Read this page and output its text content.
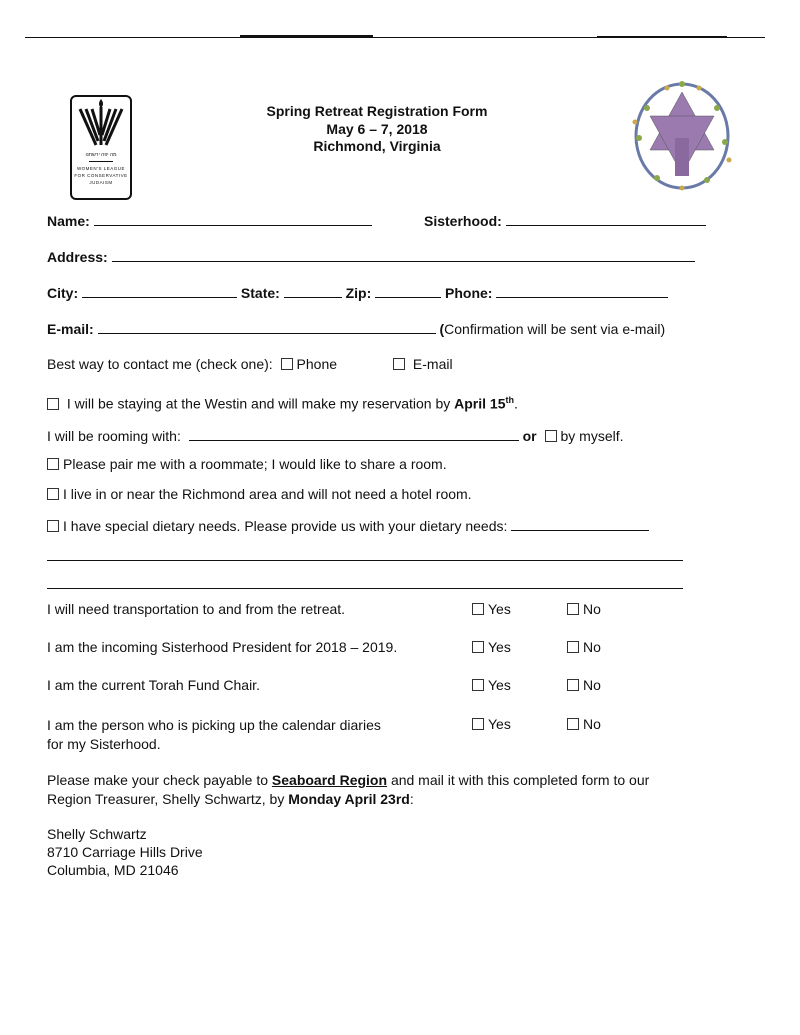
מה יפה ירשתנו
WOMEN'S LEAGUE FOR CONSERVATIVE JUDAISM
Spring Retreat Registration Form
May 6 – 7, 2018
Richmond, Virginia
Name:	Sisterhood:
Address:
City:	State:	Zip:	Phone:
E-mail:	(Confirmation will be sent via e-mail)
Best way to contact me (check one): Phone	E-mail
I will be staying at the Westin and will make my reservation by April 15th.
I will be rooming with:	or by myself.
Please pair me with a roommate; I would like to share a room.
I live in or near the Richmond area and will not need a hotel room.
I have special dietary needs. Please provide us with your dietary needs:
I will need transportation to and from the retreat.	Yes	No
I am the incoming Sisterhood President for 2018 – 2019.	Yes	No
I am the current Torah Fund Chair.	Yes	No
I am the person who is picking up the calendar diaries
for my Sisterhood.
Yes	No
Please make your check payable to Seaboard Region and mail it with this completed form to our
Region Treasurer, Shelly Schwartz, by Monday April 23rd:
Shelly Schwartz
8710 Carriage Hills Drive
Columbia, MD 21046
